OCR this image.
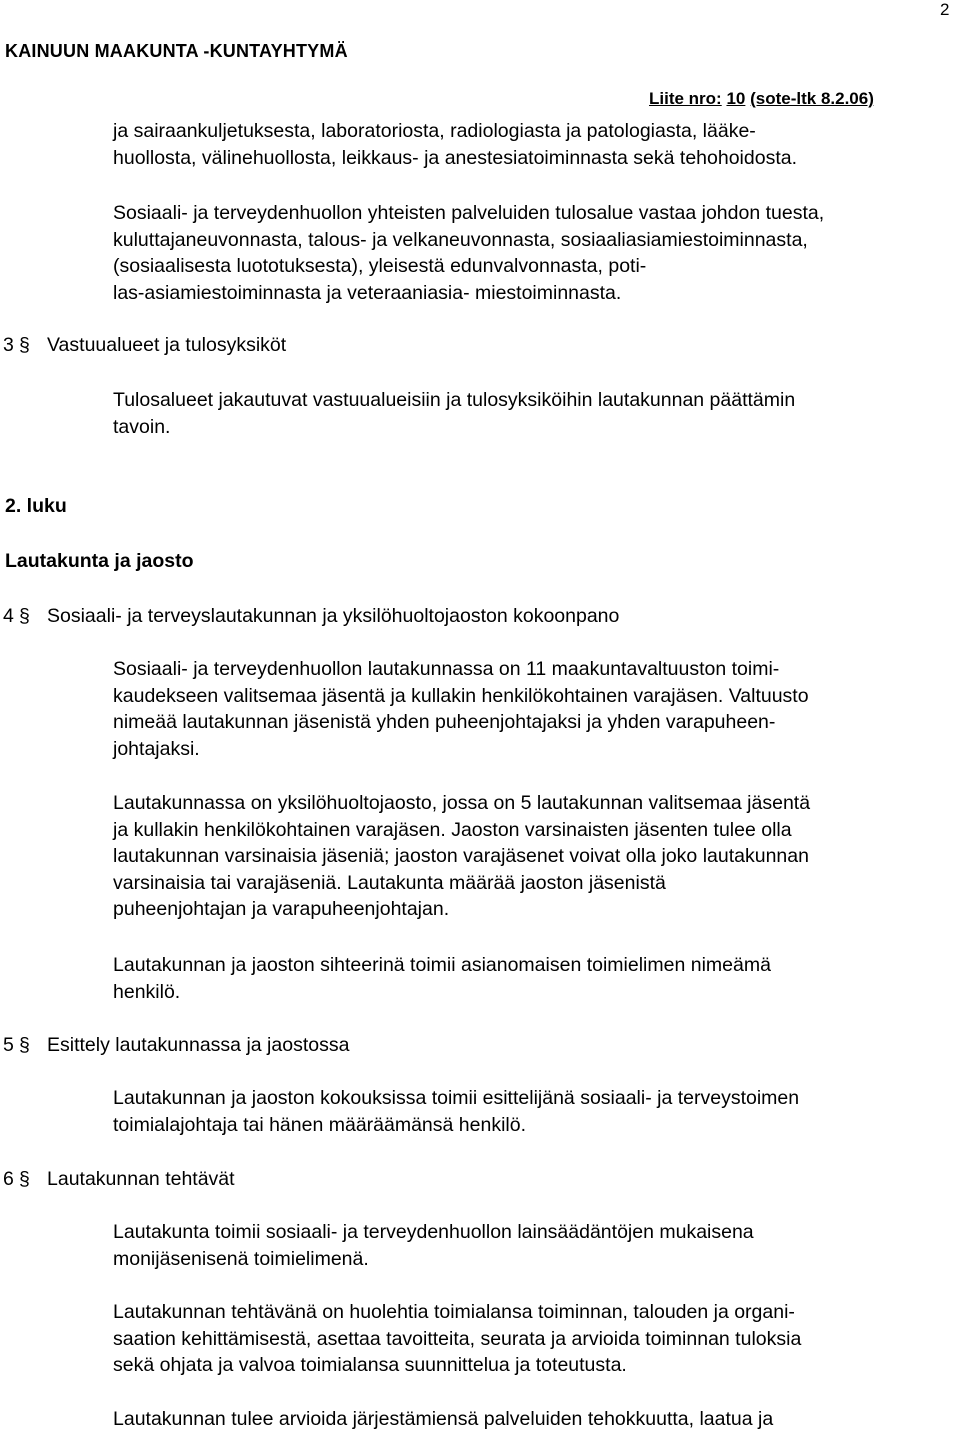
2
KAINUUN MAAKUNTA -KUNTAYHTYMÄ
Liite nro: 10 (sote-ltk 8.2.06)
ja sairaankuljetuksesta, laboratoriosta, radiologiasta ja patologiasta, lääke-
huollosta, välinehuollosta, leikkaus- ja anestesiatoiminnasta sekä tehohoidosta.
Sosiaali- ja terveydenhuollon yhteisten palveluiden tulosalue vastaa johdon tuesta,
kuluttajaneuvonnasta, talous- ja velkaneuvonnasta, sosiaaliasiamiestoiminnasta,
(sosiaalisesta luototuksesta), yleisestä edunvalvonnasta, poti-
las-asiamiestoiminnasta ja veteraaniasia- miestoiminnasta.
3 § Vastuualueet ja tulosyksiköt
Tulosalueet jakautuvat vastuualueisiin ja tulosyksiköihin lautakunnan päättämin
tavoin.
2. luku
Lautakunta ja jaosto
4 § Sosiaali- ja terveyslautakunnan ja yksilöhuoltojaoston kokoonpano
Sosiaali- ja terveydenhuollon lautakunnassa on 11 maakuntavaltuuston toimi-
kaudekseen valitsemaa jäsentä ja kullakin henkilökohtainen varajäsen. Valtuusto
nimeää lautakunnan jäsenistä yhden puheenjohtajaksi ja yhden varapuheen-
johtajaksi.
Lautakunnassa on yksilöhuoltojaosto, jossa on 5 lautakunnan valitsemaa jäsentä
ja kullakin henkilökohtainen varajäsen. Jaoston varsinaisten jäsenten tulee olla
lautakunnan varsinaisia jäseniä; jaoston varajäsenet voivat olla joko lautakunnan
varsinaisia tai varajäseniä. Lautakunta määrää jaoston jäsenistä
puheenjohtajan ja varapuheenjohtajan.
Lautakunnan ja jaoston sihteerinä toimii asianomaisen toimielimen nimeämä
henkilö.
5 § Esittely lautakunnassa ja jaostossa
Lautakunnan ja jaoston kokouksissa toimii esittelijänä sosiaali- ja terveystoimen
toimialajohtaja tai hänen määräämänsä henkilö.
6 § Lautakunnan tehtävät
Lautakunta toimii sosiaali- ja terveydenhuollon lainsäädäntöjen mukaisena
monijäsenisenä toimielimenä.
Lautakunnan tehtävänä on huolehtia toimialansa toiminnan, talouden ja organi-
saation kehittämisestä, asettaa tavoitteita, seurata ja arvioida toiminnan tuloksia
sekä ohjata ja valvoa toimialansa suunnittelua ja toteutusta.
Lautakunnan tulee arvioida järjestämiensä palveluiden tehokkuutta, laatua ja
